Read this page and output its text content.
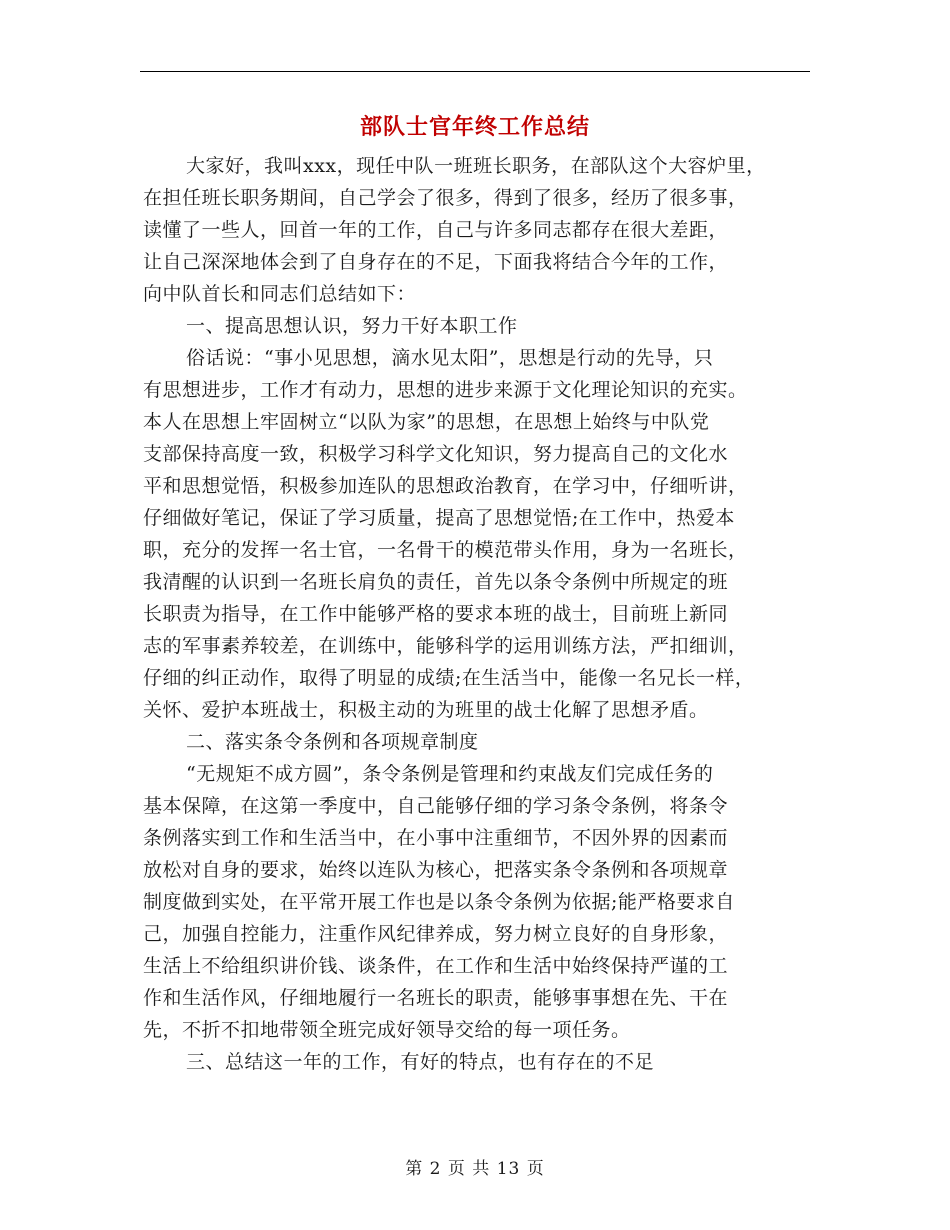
部队士官年终工作总结
大家好，我叫xxx，现任中队一班班长职务，在部队这个大容炉里，
在担任班长职务期间，自己学会了很多，得到了很多，经历了很多事，
读懂了一些人，回首一年的工作，自己与许多同志都存在很大差距，
让自己深深地体会到了自身存在的不足，下面我将结合今年的工作，
向中队首长和同志们总结如下：
一、提高思想认识，努力干好本职工作
俗话说：“事小见思想，滴水见太阳”，思想是行动的先导，只
有思想进步，工作才有动力，思想的进步来源于文化理论知识的充实。
本人在思想上牢固树立“以队为家”的思想，在思想上始终与中队党
支部保持高度一致，积极学习科学文化知识，努力提高自己的文化水
平和思想觉悟，积极参加连队的思想政治教育，在学习中，仔细听讲，
仔细做好笔记，保证了学习质量，提高了思想觉悟;在工作中，热爱本
职，充分的发挥一名士官，一名骨干的模范带头作用，身为一名班长，
我清醒的认识到一名班长肩负的责任，首先以条令条例中所规定的班
长职责为指导，在工作中能够严格的要求本班的战士，目前班上新同
志的军事素养较差，在训练中，能够科学的运用训练方法，严扣细训，
仔细的纠正动作，取得了明显的成绩;在生活当中，能像一名兄长一样，
关怀、爱护本班战士，积极主动的为班里的战士化解了思想矛盾。
二、落实条令条例和各项规章制度
“无规矩不成方圆”，条令条例是管理和约束战友们完成任务的
基本保障，在这第一季度中，自己能够仔细的学习条令条例，将条令
条例落实到工作和生活当中，在小事中注重细节，不因外界的因素而
放松对自身的要求，始终以连队为核心，把落实条令条例和各项规章
制度做到实处，在平常开展工作也是以条令条例为依据;能严格要求自
己，加强自控能力，注重作风纪律养成，努力树立良好的自身形象，
生活上不给组织讲价钱、谈条件，在工作和生活中始终保持严谨的工
作和生活作风，仔细地履行一名班长的职责，能够事事想在先、干在
先，不折不扣地带领全班完成好领导交给的每一项任务。
三、总结这一年的工作，有好的特点，也有存在的不足
第 2 页 共 13 页
